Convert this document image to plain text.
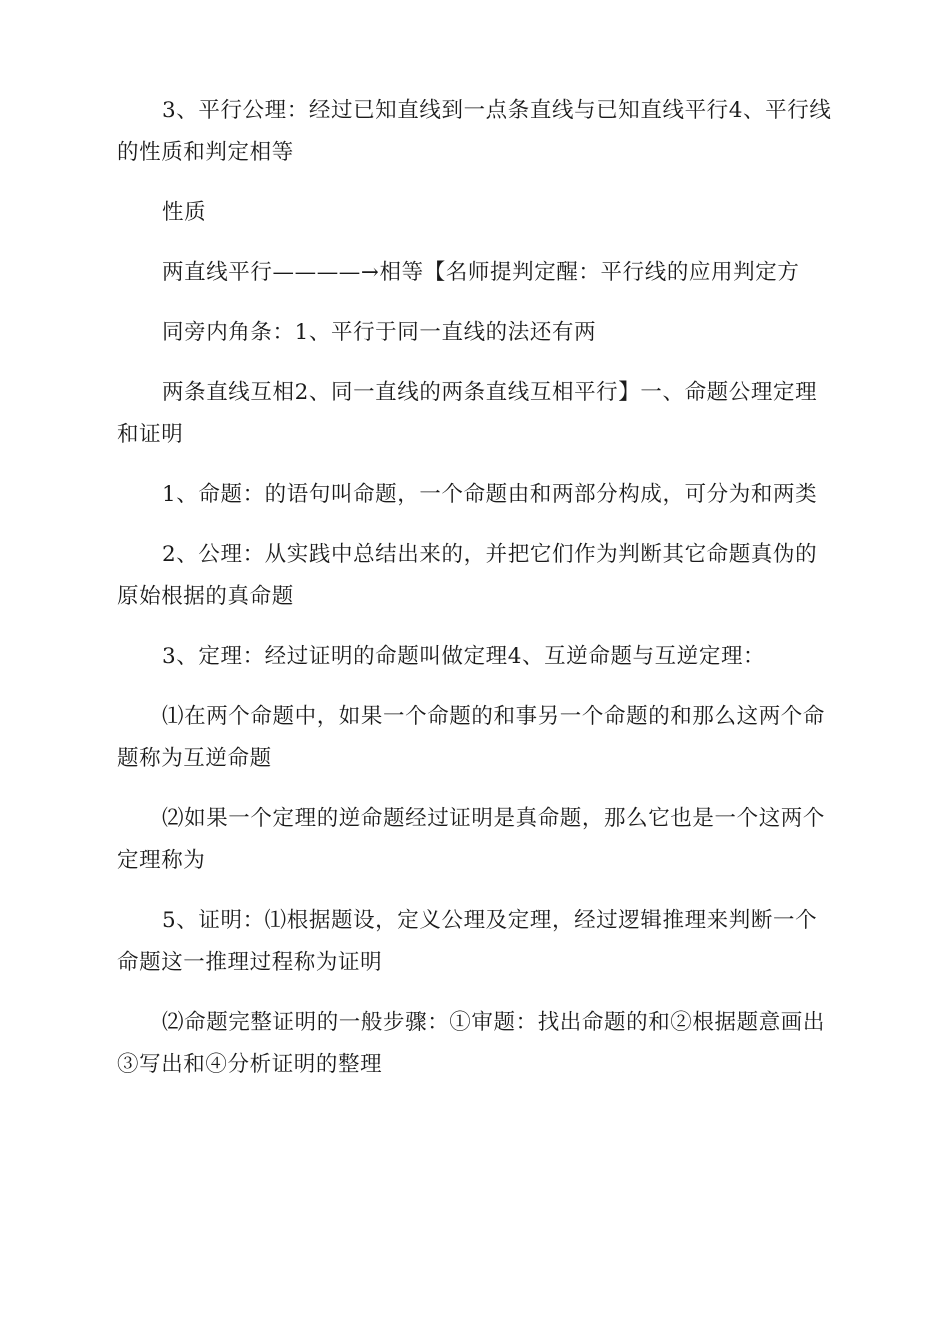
3、平行公理：经过已知直线到一点条直线与已知直线平行4、平行线的性质和判定相等

性质

两直线平行————→相等【名师提判定醒：平行线的应用判定方

同旁内角条：1、平行于同一直线的法还有两

两条直线互相2、同一直线的两条直线互相平行】一、命题公理定理和证明

1、命题：的语句叫命题，一个命题由和两部分构成，可分为和两类

2、公理：从实践中总结出来的，并把它们作为判断其它命题真伪的原始根据的真命题

3、定理：经过证明的命题叫做定理4、互逆命题与互逆定理：

⑴在两个命题中，如果一个命题的和事另一个命题的和那么这两个命题称为互逆命题

⑵如果一个定理的逆命题经过证明是真命题，那么它也是一个这两个定理称为

5、证明：⑴根据题设，定义公理及定理，经过逻辑推理来判断一个命题这一推理过程称为证明

⑵命题完整证明的一般步骤：①审题：找出命题的和②根据题意画出③写出和④分析证明的整理
